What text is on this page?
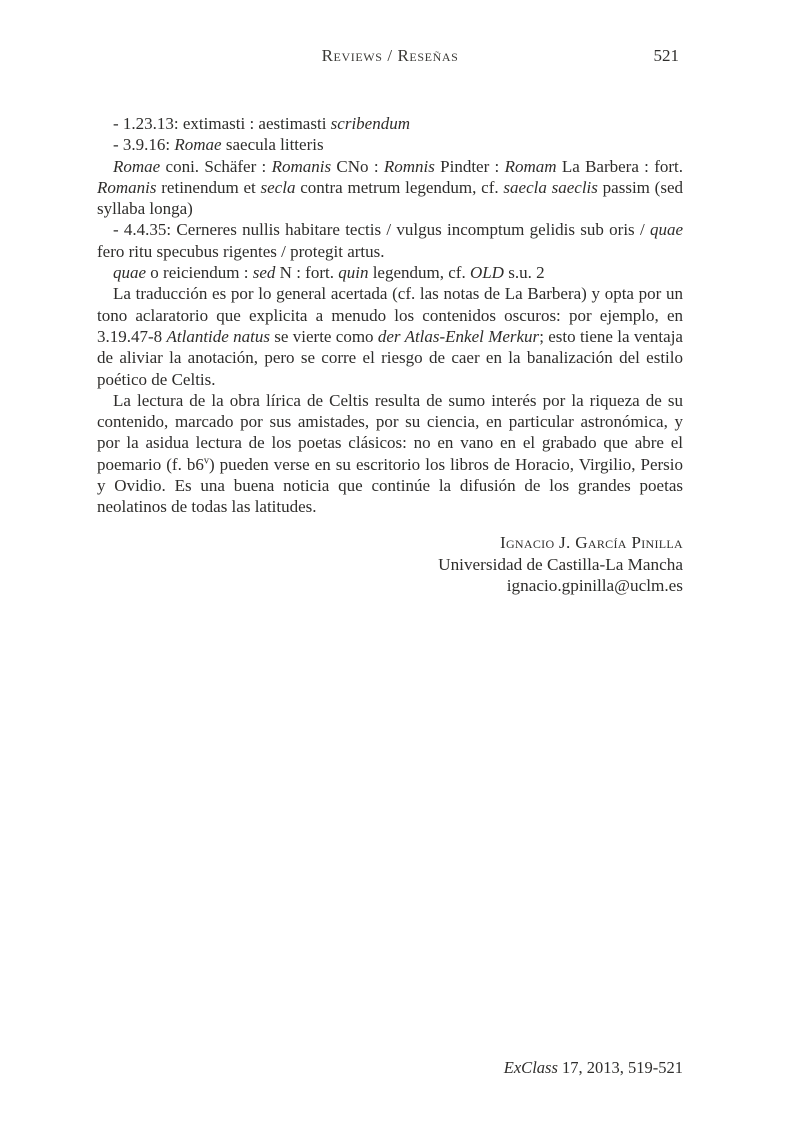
Reviews / Reseñas	521

- 1.23.13: extimasti : aestimasti scribendum

- 3.9.16: Romae saecula litteris

Romae coni. Schäfer : Romanis CNo : Romnis Pindter : Romam La Barbera : fort. Romanis retinendum et secla contra metrum legendum, cf. saecla saeclis passim (sed syllaba longa)

- 4.4.35: Cerneres nullis habitare tectis / vulgus incomptum gelidis sub oris / quae fero ritu specubus rigentes / protegit artus.

quae o reiciendum : sed N : fort. quin legendum, cf. OLD s.u. 2

La traducción es por lo general acertada (cf. las notas de La Barbera) y opta por un tono aclaratorio que explicita a menudo los contenidos oscuros: por ejemplo, en 3.19.47-8 Atlantide natus se vierte como der Atlas-Enkel Merkur; esto tiene la ventaja de aliviar la anotación, pero se corre el riesgo de caer en la banalización del estilo poético de Celtis.

La lectura de la obra lírica de Celtis resulta de sumo interés por la riqueza de su contenido, marcado por sus amistades, por su ciencia, en particular astronómica, y por la asidua lectura de los poetas clásicos: no en vano en el grabado que abre el poemario (f. b6$^v$) pueden verse en su escritorio los libros de Horacio, Virgilio, Persio y Ovidio. Es una buena noticia que continúe la difusión de los grandes poetas neolatinos de todas las latitudes.

Ignacio J. García Pinilla
Universidad de Castilla-La Mancha
ignacio.gpinilla@uclm.es
ExClass 17, 2013, 519-521
